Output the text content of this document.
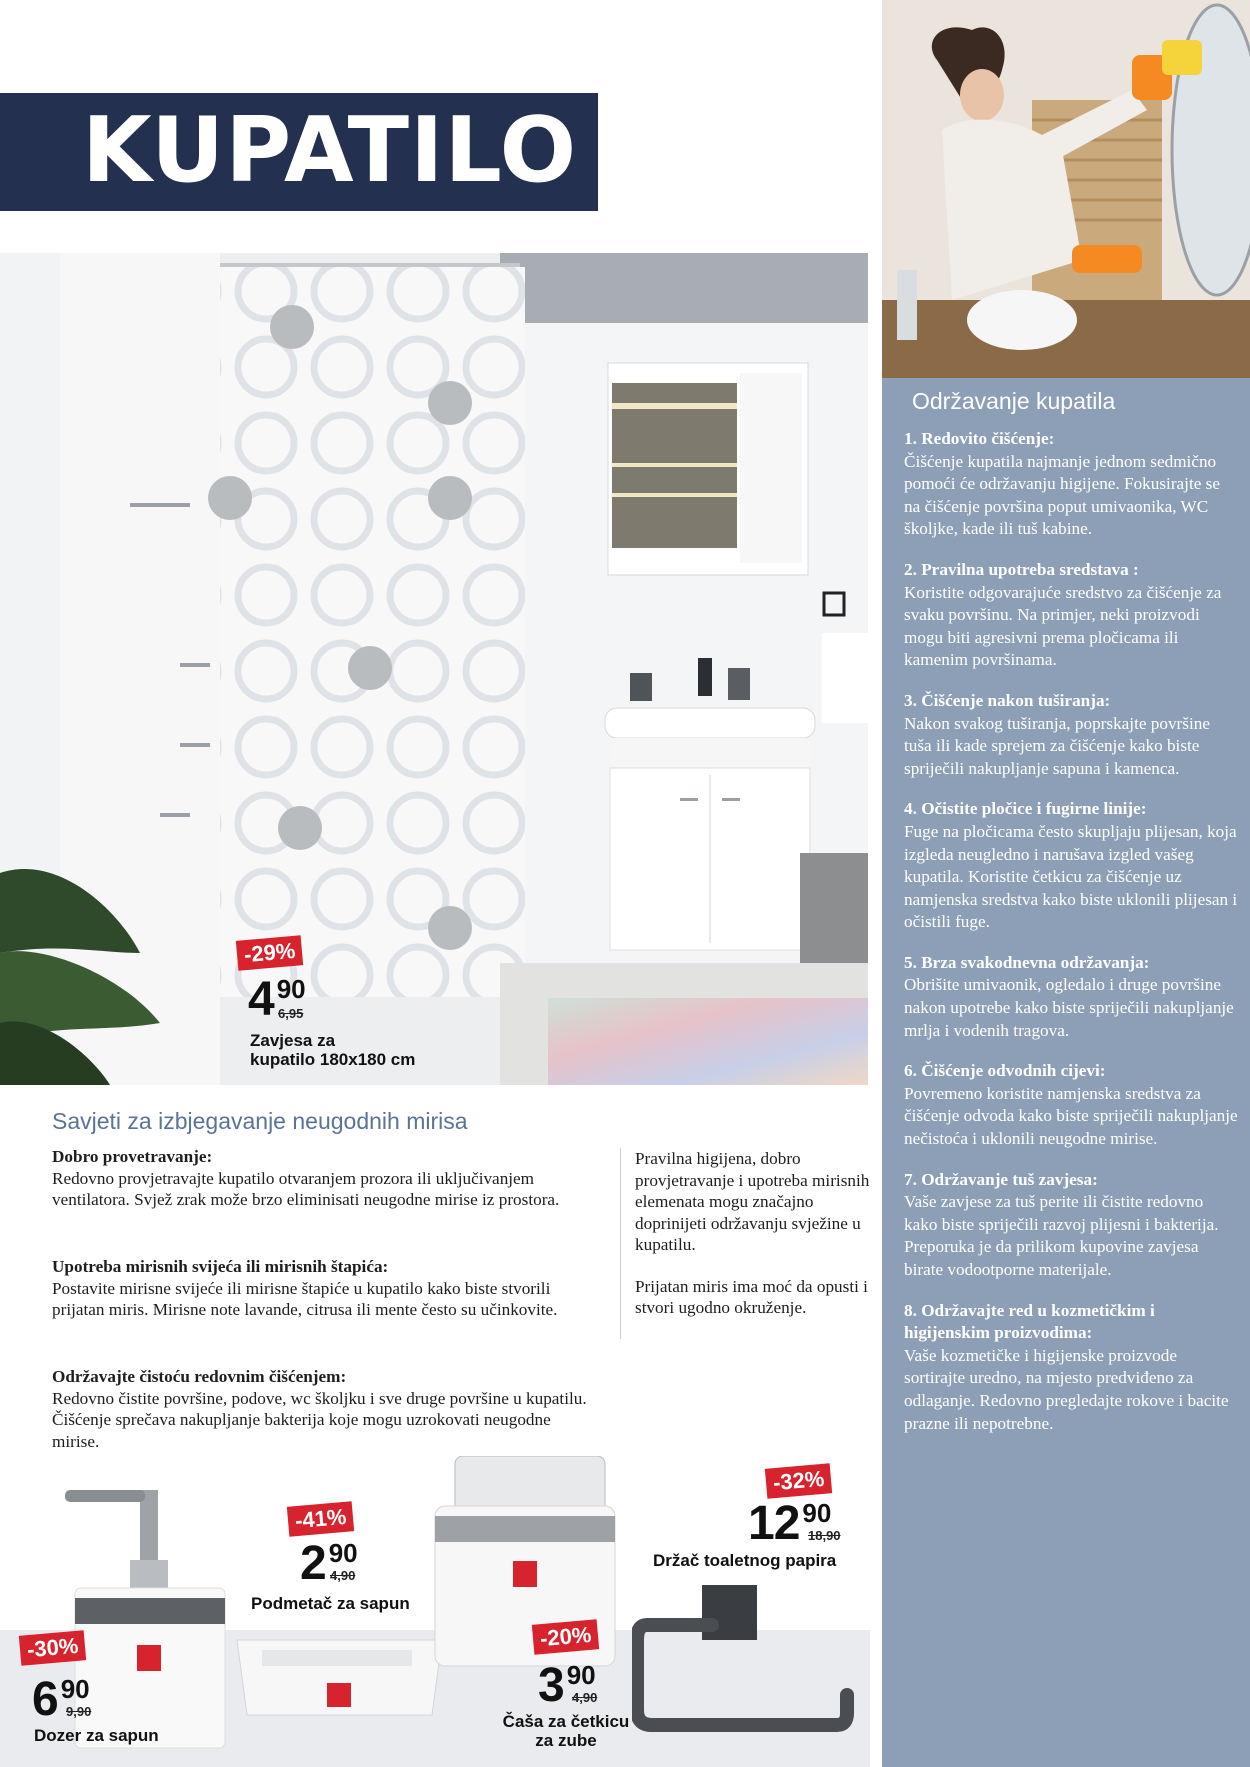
KUPATILO
-29%
4 90
6,95
Zavjesa za
kupatilo 180x180 cm
Održavanje kupatila
1. Redovito čišćenje:
Čišćenje kupatila najmanje jednom sedmično pomoći će održavanju higijene. Fokusirajte se na čišćenje površina poput umivaonika, WC školjke, kade ili tuš kabine.
2. Pravilna upotreba sredstava :
Koristite odgovarajuće sredstvo za čišćenje za svaku površinu. Na primjer, neki proizvodi mogu biti agresivni prema pločicama ili kamenim površinama.
3. Čišćenje nakon tuširanja:
Nakon svakog tuširanja, poprskajte površine tuša ili kade sprejem za čišćenje kako biste spriječili nakupljanje sapuna i kamenca.
4. Očistite pločice i fugirne linije:
Fuge na pločicama često skupljaju plijesan, koja izgleda neugledno i narušava izgled vašeg kupatila. Koristite četkicu za čišćenje uz namjenska sredstva kako biste uklonili plijesan i očistili fuge.
5. Brza svakodnevna održavanja:
Obrišite umivaonik, ogledalo i druge površine nakon upotrebe kako biste spriječili nakupljanje mrlja i vodenih tragova.
6. Čišćenje odvodnih cijevi:
Povremeno koristite namjenska sredstva za čišćenje odvoda kako biste spriječili nakupljanje nečistoća i uklonili neugodne mirise.
7. Održavanje tuš zavjesa:
Vaše zavjese za tuš perite ili čistite redovno kako biste spriječili razvoj plijesni i bakterija. Preporuka je da prilikom kupovine zavjesa birate vodootporne materijale.
8. Održavajte red u kozmetičkim i higijenskim proizvodima:
Vaše kozmetičke i higijenske proizvode sortirajte uredno, na mjesto predviđeno za odlaganje. Redovno pregledajte rokove i bacite prazne ili nepotrebne.
Savjeti za izbjegavanje neugodnih mirisa
Dobro provetravanje:
Redovno provjetravajte kupatilo otvaranjem prozora ili uključivanjem ventilatora. Svjež zrak može brzo eliminisati neugodne mirise iz prostora.
Upotreba mirisnih svijeća ili mirisnih štapića:
Postavite mirisne svijeće ili mirisne štapiće u kupatilo kako biste stvorili prijatan miris. Mirisne note lavande, citrusa ili mente često su učinkovite.
Održavajte čistoću redovnim čišćenjem:
Redovno čistite površine, podove, wc školjku i sve druge površine u kupatilu. Čišćenje sprečava nakupljanje bakterija koje mogu uzrokovati neugodne mirise.

Pravilna higijena, dobro provjetravanje i upotreba mirisnih elemenata mogu značajno doprinijeti održavanju svježine u kupatilu.

Prijatan miris ima moć da opusti i stvori ugodno okruženje.

-30%
6 90
9,90
Dozer za sapun
-41%
2 90
4,90
Podmetač za sapun
-20%
3 90
4,90
Čaša za četkicu
za zube
-32%
12 90
18,90
Držač toaletnog papira
